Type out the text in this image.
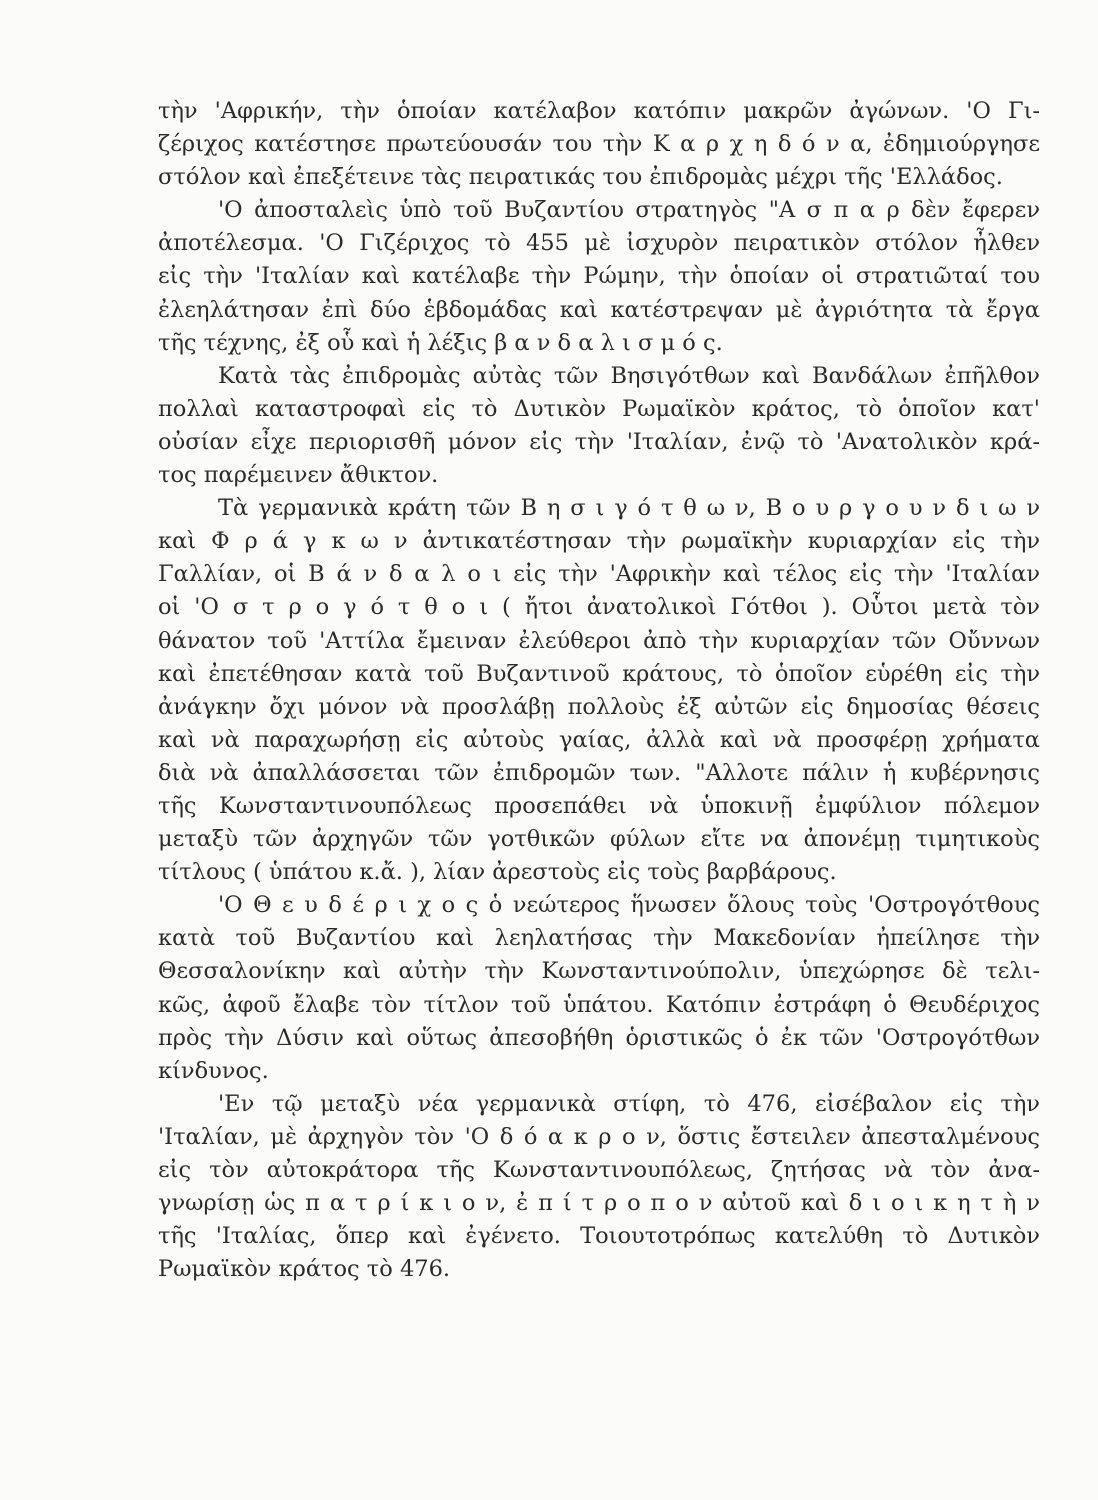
τὴν 'Αφρικήν, τὴν ὁποίαν κατέλαβον κατόπιν μακρῶν ἀγώνων. 'Ο Γι-
ζέριχος κατέστησε πρωτεύουσάν του τὴν Κ α ρ χ η δ ό ν α, ἐδημιούργησε
στόλον καὶ ἐπεξέτεινε τὰς πειρατικάς του ἐπιδρομὰς μέχρι τῆς 'Ελλάδος.
'Ο ἀποσταλεὶς ὑπὸ τοῦ Βυζαντίου στρατηγὸς "Α σ π α ρ δὲν ἔφερεν
ἀποτέλεσμα. 'Ο Γιζέριχος τὸ 455 μὲ ἰσχυρὸν πειρατικὸν στόλον ἦλθεν
εἰς τὴν 'Ιταλίαν καὶ κατέλαβε τὴν Ρώμην, τὴν ὁποίαν οἱ στρατιῶταί του
ἐλεηλάτησαν ἐπὶ δύο ἑβδομάδας καὶ κατέστρεψαν μὲ ἀγριότητα τὰ ἔργα
τῆς τέχνης, ἐξ οὗ καὶ ἡ λέξις β α ν δ α λ ι σ μ ό ς.
Κατὰ τὰς ἐπιδρομὰς αὐτὰς τῶν Βησιγότθων καὶ Βανδάλων ἐπῆλθον
πολλαὶ καταστροφαὶ εἰς τὸ Δυτικὸν Ρωμαϊκὸν κράτος, τὸ ὁποῖον κατ'
οὐσίαν εἶχε περιορισθῆ μόνον εἰς τὴν 'Ιταλίαν, ἐνῷ τὸ 'Ανατολικὸν κρά-
τος παρέμεινεν ἄθικτον.
Τὰ γερμανικὰ κράτη τῶν Β η σ ι γ ό τ θ ω ν, Β ο υ ρ γ ο υ ν δ ι ω ν
καὶ Φ ρ ά γ κ ω ν ἀντικατέστησαν τὴν ρωμαϊκὴν κυριαρχίαν εἰς τὴν
Γαλλίαν, οἱ Β ά ν δ α λ ο ι εἰς τὴν 'Αφρικὴν καὶ τέλος εἰς τὴν 'Ιταλίαν
οἱ 'Ο σ τ ρ ο γ ό τ θ ο ι ( ἤτοι ἀνατολικοὶ Γότθοι ). Οὗτοι μετὰ τὸν
θάνατον τοῦ 'Αττίλα ἔμειναν ἐλεύθεροι ἀπὸ τὴν κυριαρχίαν τῶν Οὔννων
καὶ ἐπετέθησαν κατὰ τοῦ Βυζαντινοῦ κράτους, τὸ ὁποῖον εὑρέθη εἰς τὴν
ἀνάγκην ὄχι μόνον νὰ προσλάβῃ πολλοὺς ἐξ αὐτῶν εἰς δημοσίας θέσεις
καὶ νὰ παραχωρήσῃ εἰς αὐτοὺς γαίας, ἀλλὰ καὶ νὰ προσφέρῃ χρήματα
διὰ νὰ ἀπαλλάσσεται τῶν ἐπιδρομῶν των. "Αλλοτε πάλιν ἡ κυβέρνησις
τῆς Κωνσταντινουπόλεως προσεπάθει νὰ ὑποκινῇ ἐμφύλιον πόλεμον
μεταξὺ τῶν ἀρχηγῶν τῶν γοτθικῶν φύλων εἴτε να ἀπονέμῃ τιμητικοὺς
τίτλους ( ὑπάτου κ.ἄ. ), λίαν ἀρεστοὺς εἰς τοὺς βαρβάρους.
'Ο Θ ε υ δ έ ρ ι χ ο ς ὁ νεώτερος ἥνωσεν ὅλους τοὺς 'Οστρογότθους
κατὰ τοῦ Βυζαντίου καὶ λεηλατήσας τὴν Μακεδονίαν ἠπείλησε τὴν
Θεσσαλονίκην καὶ αὐτὴν τὴν Κωνσταντινούπολιν, ὑπεχώρησε δὲ τελι-
κῶς, ἀφοῦ ἔλαβε τὸν τίτλον τοῦ ὑπάτου. Κατόπιν ἐστράφη ὁ Θευδέριχος
πρὸς τὴν Δύσιν καὶ οὕτως ἀπεσοβήθη ὁριστικῶς ὁ ἐκ τῶν 'Οστρογότθων
κίνδυνος.
'Εν τῷ μεταξὺ νέα γερμανικὰ στίφη, τὸ 476, εἰσέβαλον εἰς τὴν
'Ιταλίαν, μὲ ἀρχηγὸν τὸν 'Ο δ ό α κ ρ ο ν, ὅστις ἔστειλεν ἀπεσταλμένους
εἰς τὸν αὐτοκράτορα τῆς Κωνσταντινουπόλεως, ζητήσας νὰ τὸν ἀνα-
γνωρίσῃ ὡς π α τ ρ ί κ ι ο ν, ἐ π ί τ ρ ο π ο ν αὐτοῦ καὶ δ ι ο ι κ η τ ὴ ν
τῆς 'Ιταλίας, ὅπερ καὶ ἐγένετο. Τοιουτοτρόπως κατελύθη τὸ Δυτικὸν
Ρωμαϊκὸν κράτος τὸ 476.
